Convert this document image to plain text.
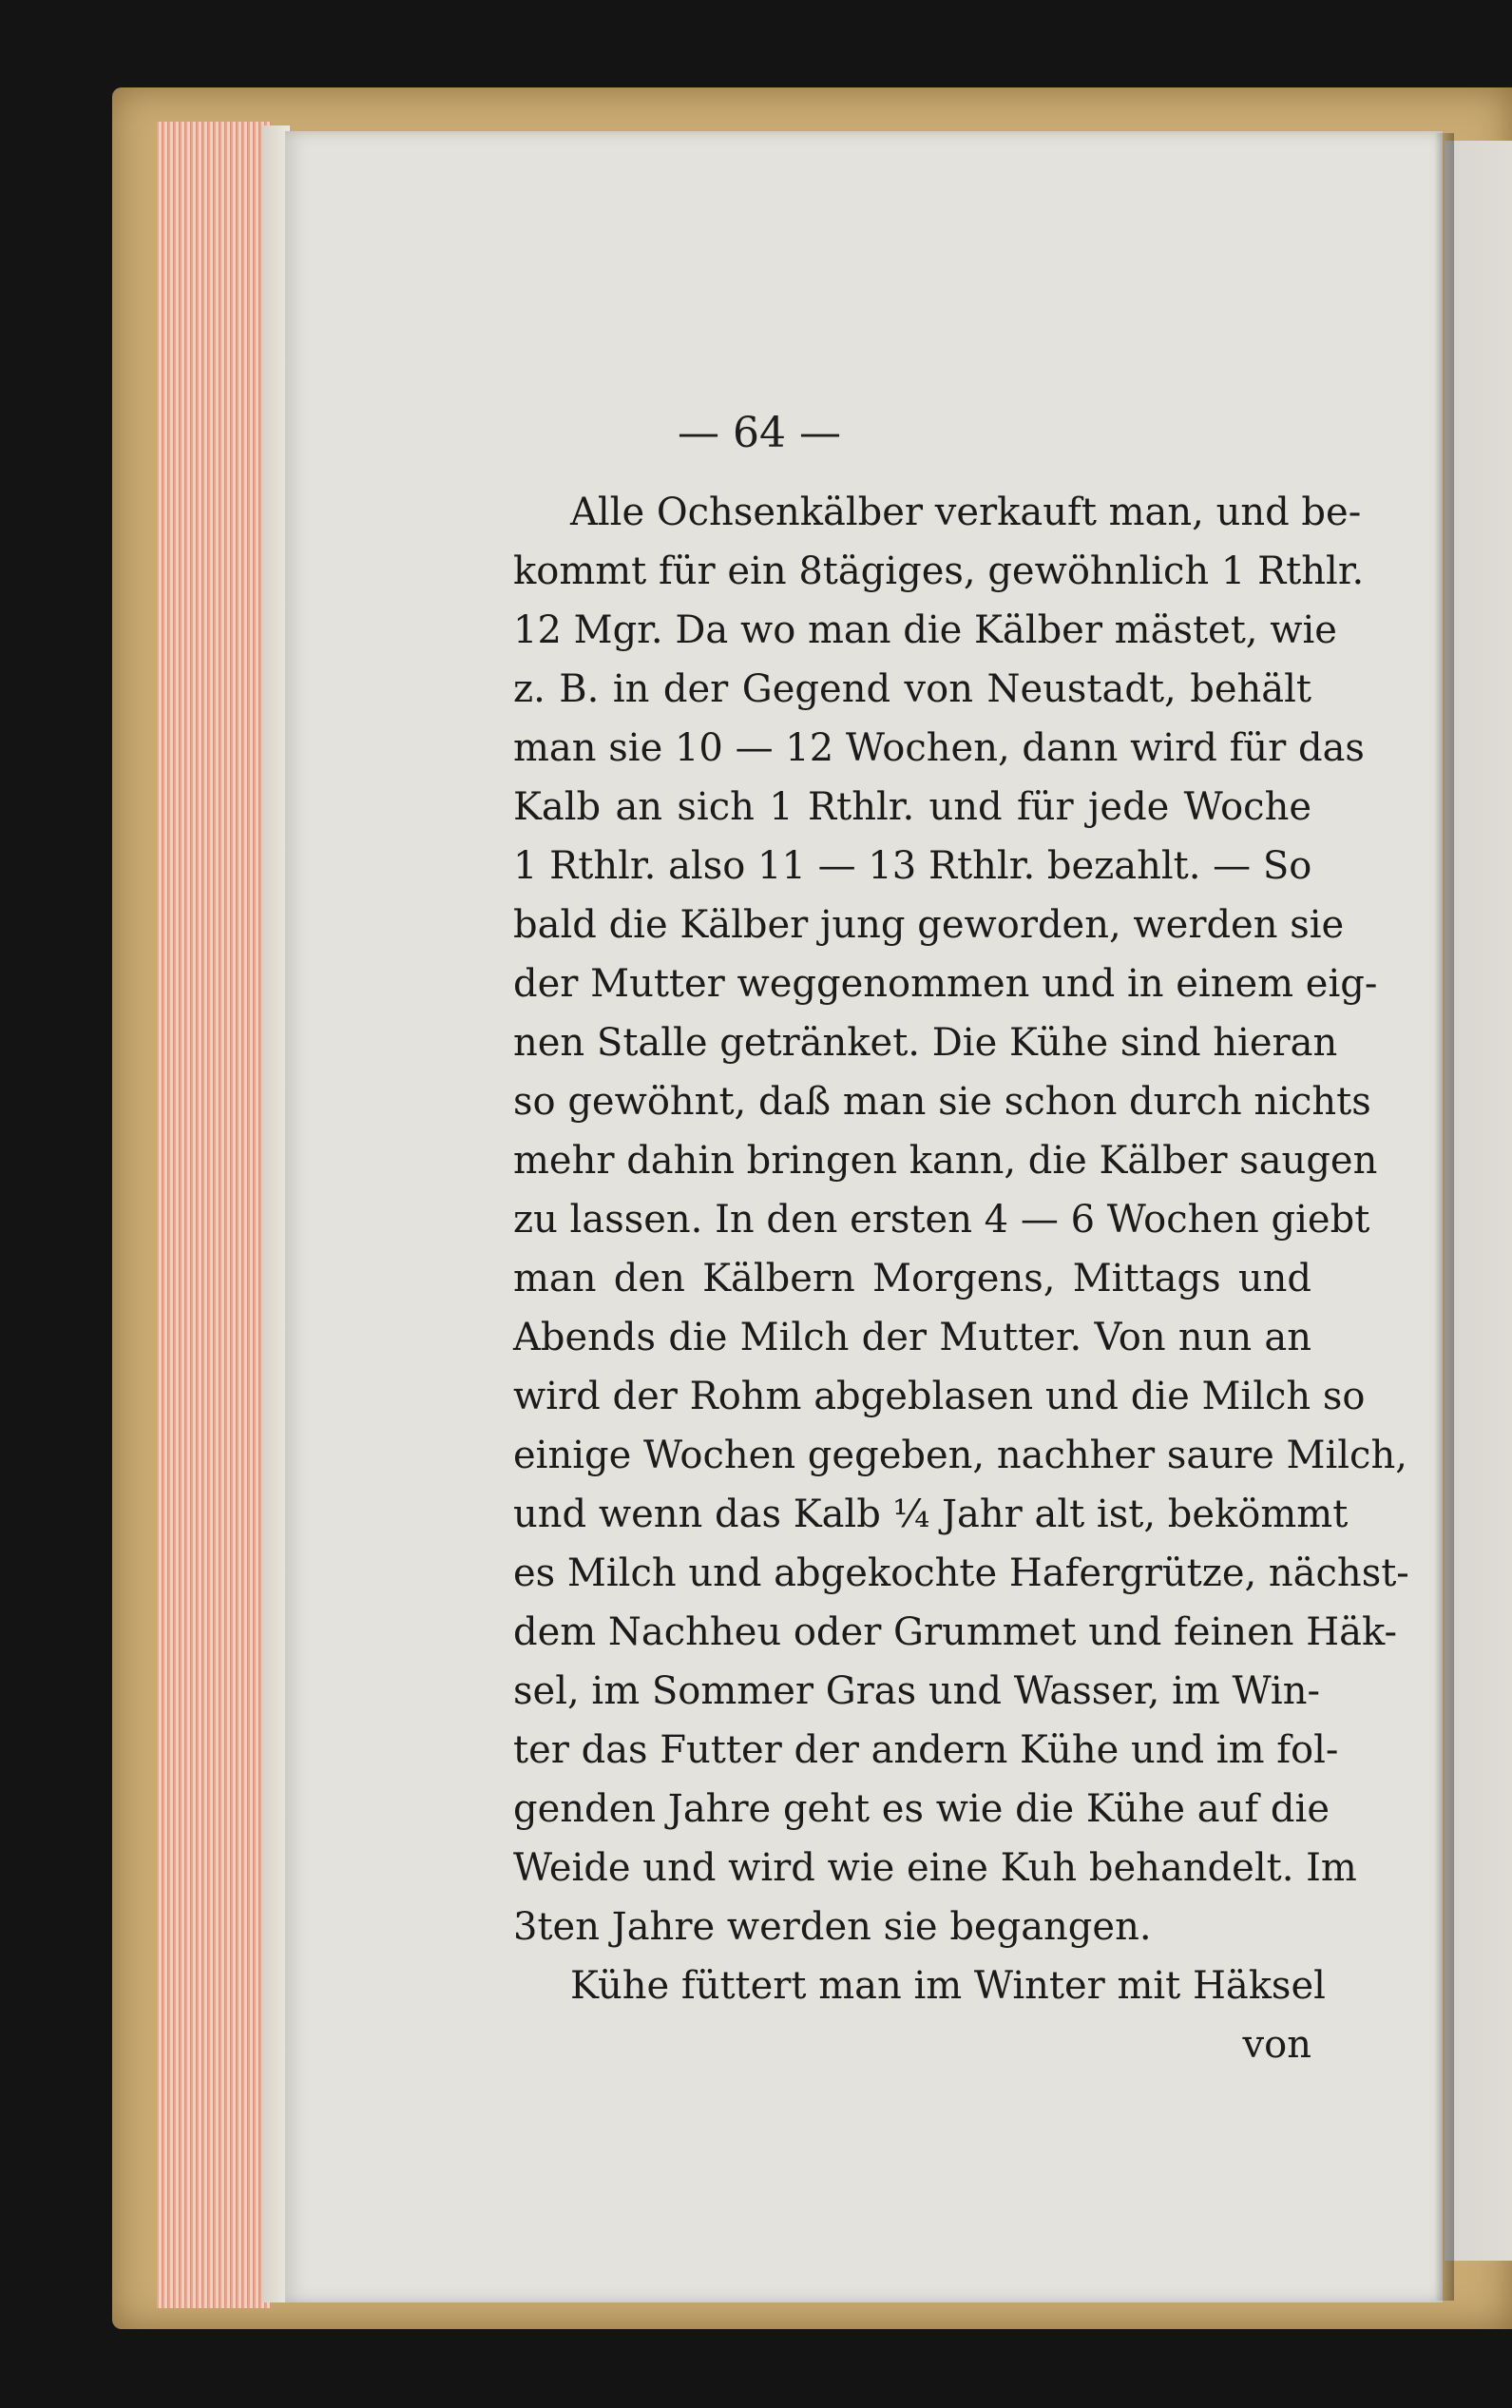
— 64 —
Alle Ochsenkälber verkauft man, und be-
kommt für ein 8tägiges, gewöhnlich 1 Rthlr.
12 Mgr. Da wo man die Kälber mästet, wie
z. B. in der Gegend von Neustadt, behält
man sie 10 — 12 Wochen, dann wird für das
Kalb an sich 1 Rthlr. und für jede Woche
1 Rthlr. also 11 — 13 Rthlr. bezahlt. — So
bald die Kälber jung geworden, werden sie
der Mutter weggenommen und in einem eig-
nen Stalle getränket. Die Kühe sind hieran
so gewöhnt, daß man sie schon durch nichts
mehr dahin bringen kann, die Kälber saugen
zu lassen. In den ersten 4 — 6 Wochen giebt
man den Kälbern Morgens, Mittags und
Abends die Milch der Mutter. Von nun an
wird der Rohm abgeblasen und die Milch so
einige Wochen gegeben, nachher saure Milch,
und wenn das Kalb ¼ Jahr alt ist, bekömmt
es Milch und abgekochte Hafergrütze, nächst-
dem Nachheu oder Grummet und feinen Häk-
sel, im Sommer Gras und Wasser, im Win-
ter das Futter der andern Kühe und im fol-
genden Jahre geht es wie die Kühe auf die
Weide und wird wie eine Kuh behandelt. Im
3ten Jahre werden sie begangen.
Kühe füttert man im Winter mit Häksel
von
